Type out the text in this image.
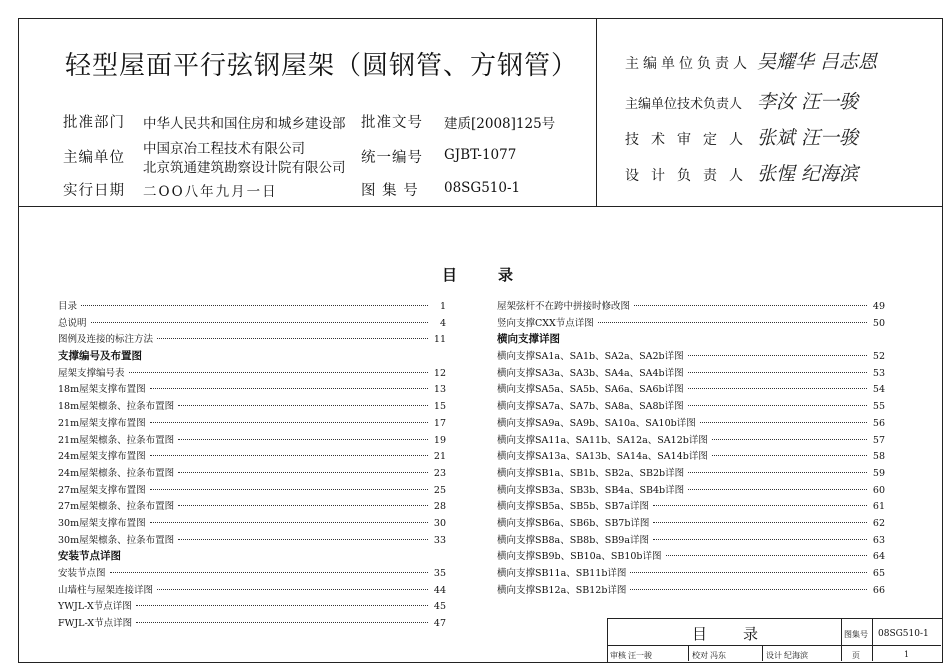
轻型屋面平行弦钢屋架（圆钢管、方钢管）
批准部门 中华人民共和国住房和城乡建设部 批准文号 建质[2008]125号
主编单位
中国京冶工程技术有限公司
北京筑通建筑勘察设计院有限公司
统一编号 GJBT-1077
实行日期 二OO八年九月一日	图 集 号 08SG510-1
主编单位负责人 吴耀华 吕志恩
主编单位技术负责人 李汝 汪一骏
技术审定人 张斌 汪一骏
设计负责人 张惺 纪海滨
目	录
目录	1
总说明	4
图例及连接的标注方法	11
支撑编号及布置图
屋架支撑编号表	12
18m屋架支撑布置图	13
18m屋架檩条、拉条布置图	15
21m屋架支撑布置图	17
21m屋架檩条、拉条布置图	19
24m屋架支撑布置图	21
24m屋架檩条、拉条布置图	23
27m屋架支撑布置图	25
27m屋架檩条、拉条布置图	28
30m屋架支撑布置图	30
30m屋架檩条、拉条布置图	33
安装节点详图
安装节点图	35
山墙柱与屋架连接详图	44
YWJL-X节点详图	45
FWJL-X节点详图	47
屋架弦杆不在跨中拼接时修改图	49
竖向支撑CXX节点详图	50
横向支撑详图
横向支撑SA1a、SA1b、SA2a、SA2b详图	52
横向支撑SA3a、SA3b、SA4a、SA4b详图	53
横向支撑SA5a、SA5b、SA6a、SA6b详图	54
横向支撑SA7a、SA7b、SA8a、SA8b详图	55
横向支撑SA9a、SA9b、SA10a、SA10b详图	56
横向支撑SA11a、SA11b、SA12a、SA12b详图	57
横向支撑SA13a、SA13b、SA14a、SA14b详图	58
横向支撑SB1a、SB1b、SB2a、SB2b详图	59
横向支撑SB3a、SB3b、SB4a、SB4b详图	60
横向支撑SB5a、SB5b、SB7a详图	61
横向支撑SB6a、SB6b、SB7b详图	62
横向支撑SB8a、SB8b、SB9a详图	63
横向支撑SB9b、SB10a、SB10b详图	64
横向支撑SB11a、SB11b详图	65
横向支撑SB12a、SB12b详图	66
目　　录	图集号 08SG510-1
审核 汪一骏	校对 冯东	设计 纪海滨	页	1
